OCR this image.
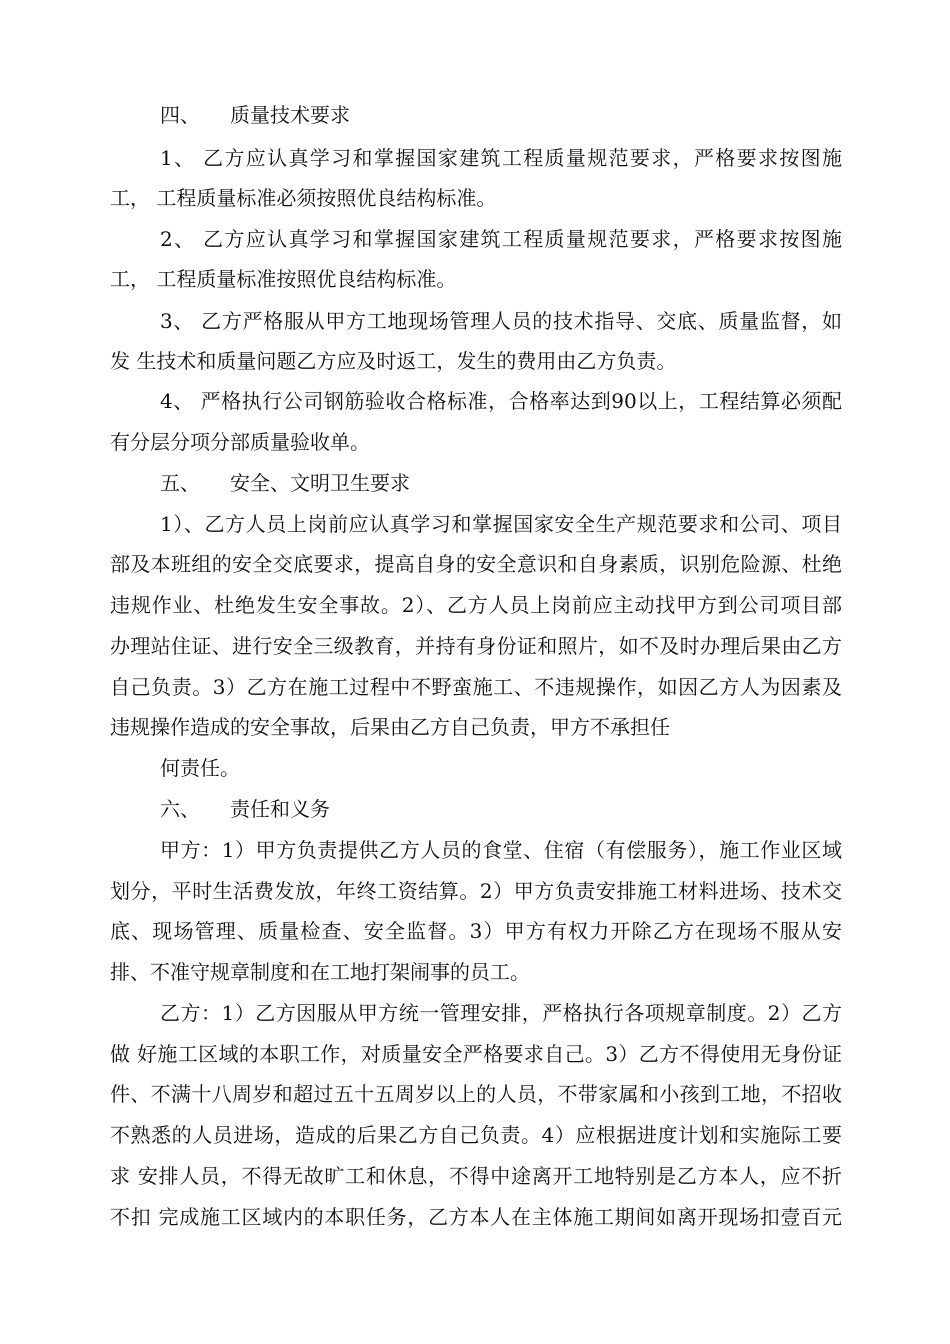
四、 质量技术要求
1、 乙方应认真学习和掌握国家建筑工程质量规范要求，严格要求按图施
工， 工程质量标准必须按照优良结构标准。
2、 乙方应认真学习和掌握国家建筑工程质量规范要求，严格要求按图施
工， 工程质量标准按照优良结构标准。
3、 乙方严格服从甲方工地现场管理人员的技术指导、交底、质量监督，如
发 生技术和质量问题乙方应及时返工，发生的费用由乙方负责。
4、 严格执行公司钢筋验收合格标准，合格率达到90以上，工程结算必须配
有分层分项分部质量验收单。
五、 安全、文明卫生要求
1）、乙方人员上岗前应认真学习和掌握国家安全生产规范要求和公司、项目
部及本班组的安全交底要求，提高自身的安全意识和自身素质，识别危险源、杜绝
违规作业、杜绝发生安全事故。2）、乙方人员上岗前应主动找甲方到公司项目部
办理站住证、进行安全三级教育，并持有身份证和照片，如不及时办理后果由乙方
自己负责。3）乙方在施工过程中不野蛮施工、不违规操作，如因乙方人为因素及
违规操作造成的安全事故，后果由乙方自己负责，甲方不承担任
何责任。
六、 责任和义务
甲方：1）甲方负责提供乙方人员的食堂、住宿（有偿服务），施工作业区域
划分，平时生活费发放，年终工资结算。2）甲方负责安排施工材料进场、技术交
底、现场管理、质量检查、安全监督。3）甲方有权力开除乙方在现场不服从安
排、不准守规章制度和在工地打架闹事的员工。
乙方：1）乙方因服从甲方统一管理安排，严格执行各项规章制度。2）乙方
做 好施工区域的本职工作，对质量安全严格要求自己。3）乙方不得使用无身份证
件、不满十八周岁和超过五十五周岁以上的人员，不带家属和小孩到工地，不招收
不熟悉的人员进场，造成的后果乙方自己负责。4）应根据进度计划和实施际工要
求 安排人员，不得无故旷工和休息，不得中途离开工地特别是乙方本人，应不折
不扣 完成施工区域内的本职任务，乙方本人在主体施工期间如离开现场扣壹百元
